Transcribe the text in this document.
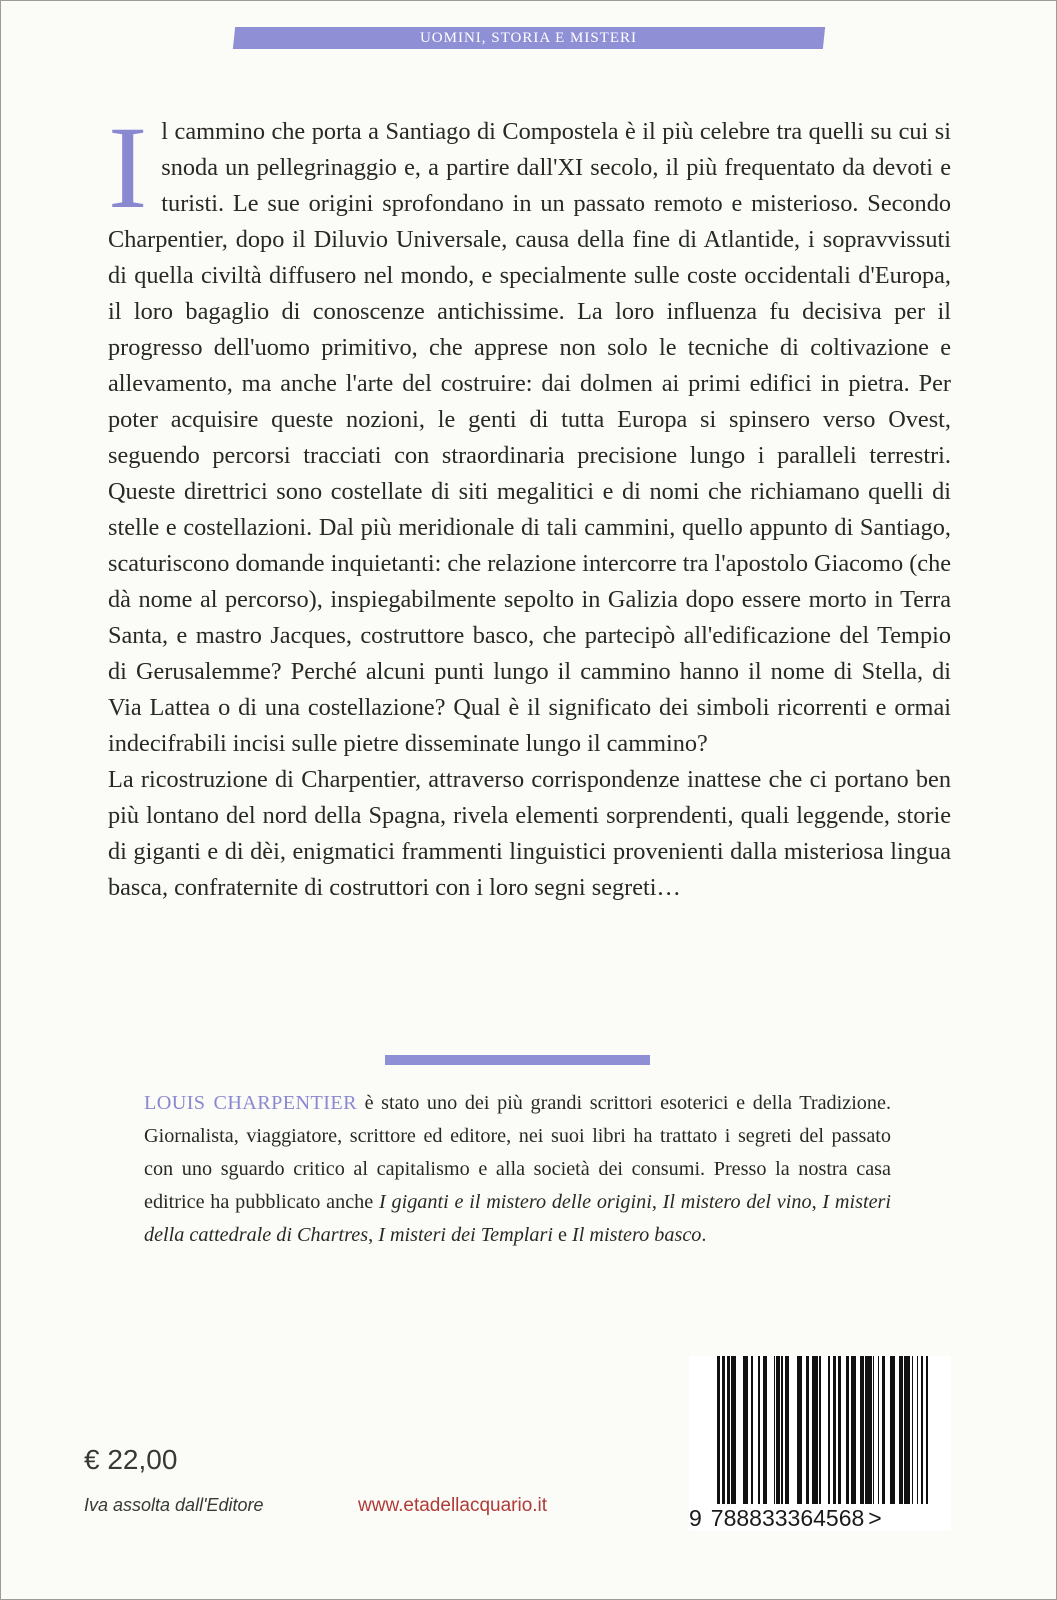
UOMINI, STORIA E MISTERI
I l cammino che porta a Santiago di Compostela è il più celebre tra quelli su cui si snoda un pellegrinaggio e, a partire dall'XI secolo, il più frequentato da devoti e turisti. Le sue origini sprofondano in un passato remoto e misterioso. Secondo Charpentier, dopo il Diluvio Universale, causa della fine di Atlantide, i sopravvissuti di quella civiltà diffusero nel mondo, e specialmente sulle coste occidentali d'Europa, il loro bagaglio di conoscenze antichissime. La loro influenza fu decisiva per il progresso dell'uomo primitivo, che apprese non solo le tecniche di coltivazione e allevamento, ma anche l'arte del costruire: dai dolmen ai primi edifici in pietra. Per poter acquisire queste nozioni, le genti di tutta Europa si spinsero verso Ovest, seguendo percorsi tracciati con straordinaria precisione lungo i paralleli terrestri. Queste direttrici sono costellate di siti megalitici e di nomi che richiamano quelli di stelle e costellazioni. Dal più meridionale di tali cammini, quello appunto di Santiago, scaturiscono domande inquietanti: che relazione intercorre tra l'apostolo Giacomo (che dà nome al percorso), inspiegabilmente sepolto in Galizia dopo essere morto in Terra Santa, e mastro Jacques, costruttore basco, che partecipò all'edificazione del Tempio di Gerusalemme? Perché alcuni punti lungo il cammino hanno il nome di Stella, di Via Lattea o di una costellazione? Qual è il significato dei simboli ricorrenti e ormai indecifrabili incisi sulle pietre disseminate lungo il cammino?

La ricostruzione di Charpentier, attraverso corrispondenze inattese che ci portano ben più lontano del nord della Spagna, rivela elementi sorprendenti, quali leggende, storie di giganti e di dèi, enigmatici frammenti linguistici provenienti dalla misteriosa lingua basca, confraternite di costruttori con i loro segni segreti…

LOUIS CHARPENTIER è stato uno dei più grandi scrittori esoterici e della Tradizione. Giornalista, viaggiatore, scrittore ed editore, nei suoi libri ha trattato i segreti del passato con uno sguardo critico al capitalismo e alla società dei consumi. Presso la nostra casa editrice ha pubblicato anche I giganti e il mistero delle origini, Il mistero del vino, I misteri della cattedrale di Chartres, I misteri dei Templari e Il mistero basco.

€ 22,00
Iva assolta dall'Editore	www.etadellacquario.it	9 788833364568 >
